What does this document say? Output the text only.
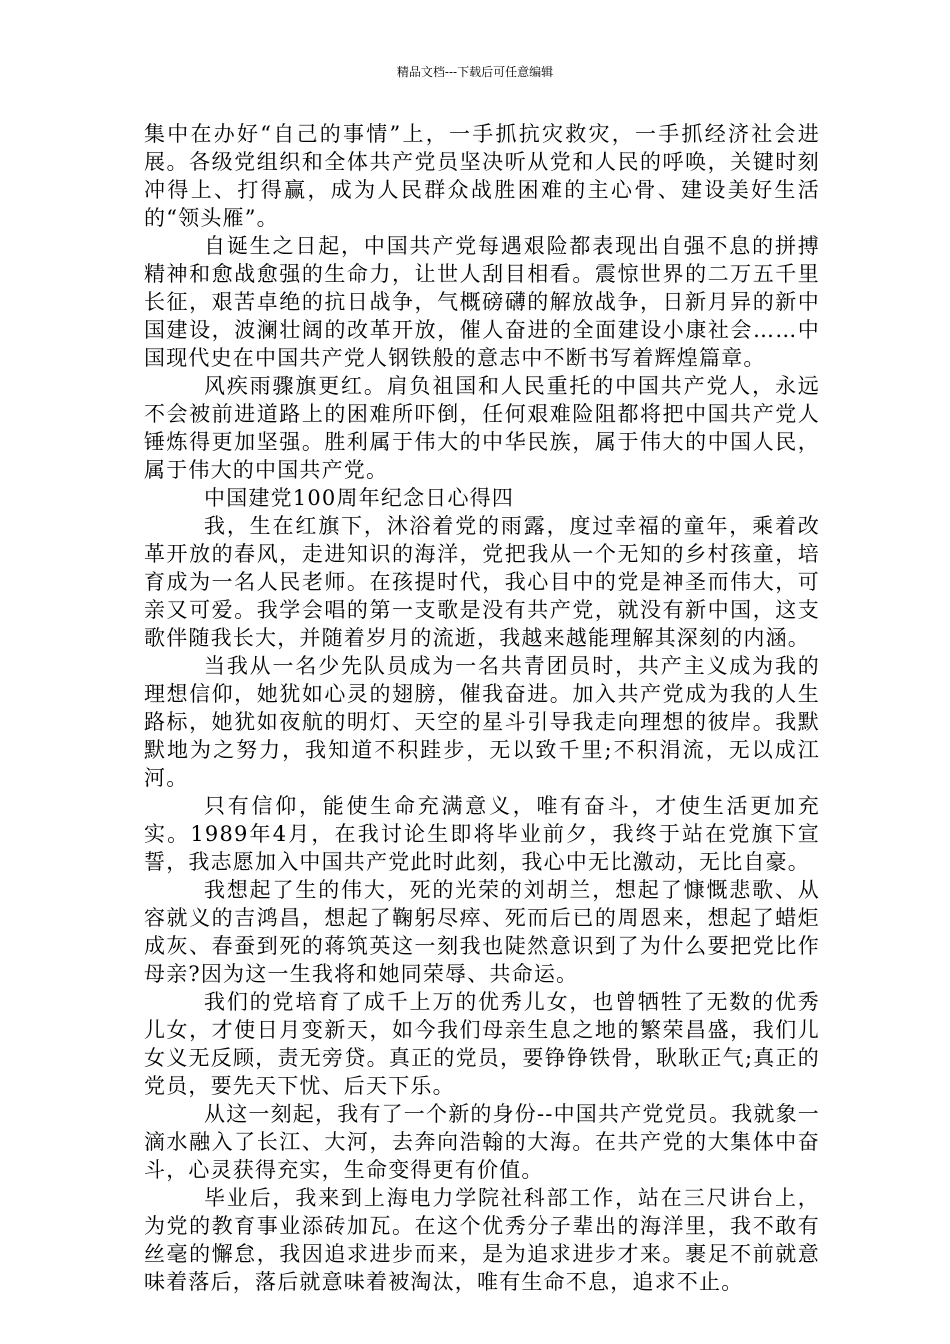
精品文档---下载后可任意编辑

集中在办好“自己的事情”上，一手抓抗灾救灾，一手抓经济社会进展。各级党组织和全体共产党员坚决听从党和人民的呼唤，关键时刻冲得上、打得赢，成为人民群众战胜困难的主心骨、建设美好生活的“领头雁”。

自诞生之日起，中国共产党每遇艰险都表现出自强不息的拼搏精神和愈战愈强的生命力，让世人刮目相看。震惊世界的二万五千里长征，艰苦卓绝的抗日战争，气概磅礴的解放战争，日新月异的新中国建设，波澜壮阔的改革开放，催人奋进的全面建设小康社会……中国现代史在中国共产党人钢铁般的意志中不断书写着辉煌篇章。

风疾雨骤旗更红。肩负祖国和人民重托的中国共产党人，永远不会被前进道路上的困难所吓倒，任何艰难险阻都将把中国共产党人锤炼得更加坚强。胜利属于伟大的中华民族，属于伟大的中国人民，属于伟大的中国共产党。

中国建党100周年纪念日心得四

我，生在红旗下，沐浴着党的雨露，度过幸福的童年，乘着改革开放的春风，走进知识的海洋，党把我从一个无知的乡村孩童，培育成为一名人民老师。在孩提时代，我心目中的党是神圣而伟大，可亲又可爱。我学会唱的第一支歌是没有共产党，就没有新中国，这支歌伴随我长大，并随着岁月的流逝，我越来越能理解其深刻的内涵。

当我从一名少先队员成为一名共青团员时，共产主义成为我的理想信仰，她犹如心灵的翅膀，催我奋进。加入共产党成为我的人生路标，她犹如夜航的明灯、天空的星斗引导我走向理想的彼岸。我默默地为之努力，我知道不积跬步，无以致千里;不积涓流，无以成江河。

只有信仰，能使生命充满意义，唯有奋斗，才使生活更加充实。1989年4月，在我讨论生即将毕业前夕，我终于站在党旗下宣誓，我志愿加入中国共产党此时此刻，我心中无比激动，无比自豪。

我想起了生的伟大，死的光荣的刘胡兰，想起了慷慨悲歌、从容就义的吉鸿昌，想起了鞠躬尽瘁、死而后已的周恩来，想起了蜡炬成灰、春蚕到死的蒋筑英这一刻我也陡然意识到了为什么要把党比作母亲?因为这一生我将和她同荣辱、共命运。

我们的党培育了成千上万的优秀儿女，也曾牺牲了无数的优秀儿女，才使日月变新天，如今我们母亲生息之地的繁荣昌盛，我们儿女义无反顾，责无旁贷。真正的党员，要铮铮铁骨，耿耿正气;真正的党员，要先天下忧、后天下乐。

从这一刻起，我有了一个新的身份--中国共产党党员。我就象一滴水融入了长江、大河，去奔向浩翰的大海。在共产党的大集体中奋斗，心灵获得充实，生命变得更有价值。

毕业后，我来到上海电力学院社科部工作，站在三尺讲台上，为党的教育事业添砖加瓦。在这个优秀分子辈出的海洋里，我不敢有丝毫的懈怠，我因追求进步而来，是为追求进步才来。裹足不前就意味着落后，落后就意味着被淘汰，唯有生命不息，追求不止。
